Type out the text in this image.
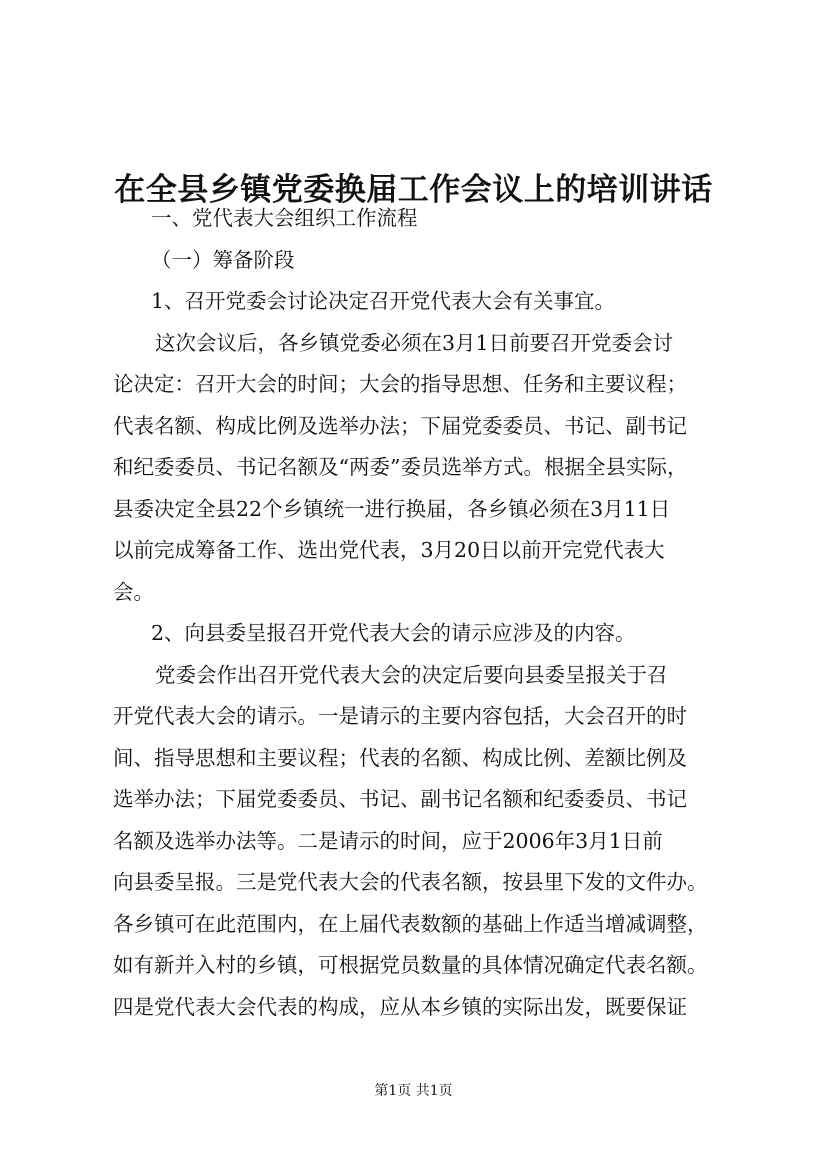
在全县乡镇党委换届工作会议上的培训讲话
一、党代表大会组织工作流程
（一）筹备阶段
1、召开党委会讨论决定召开党代表大会有关事宜。
这次会议后，各乡镇党委必须在3月1日前要召开党委会讨
论决定：召开大会的时间；大会的指导思想、任务和主要议程；
代表名额、构成比例及选举办法；下届党委委员、书记、副书记
和纪委委员、书记名额及“两委”委员选举方式。根据全县实际，
县委决定全县22个乡镇统一进行换届，各乡镇必须在3月11日
以前完成筹备工作、选出党代表，3月20日以前开完党代表大
会。
2、向县委呈报召开党代表大会的请示应涉及的内容。
党委会作出召开党代表大会的决定后要向县委呈报关于召
开党代表大会的请示。一是请示的主要内容包括，大会召开的时
间、指导思想和主要议程；代表的名额、构成比例、差额比例及
选举办法；下届党委委员、书记、副书记名额和纪委委员、书记
名额及选举办法等。二是请示的时间，应于2006年3月1日前
向县委呈报。三是党代表大会的代表名额，按县里下发的文件办。
各乡镇可在此范围内，在上届代表数额的基础上作适当增减调整，
如有新并入村的乡镇，可根据党员数量的具体情况确定代表名额。
四是党代表大会代表的构成，应从本乡镇的实际出发，既要保证
第1页 共1页
